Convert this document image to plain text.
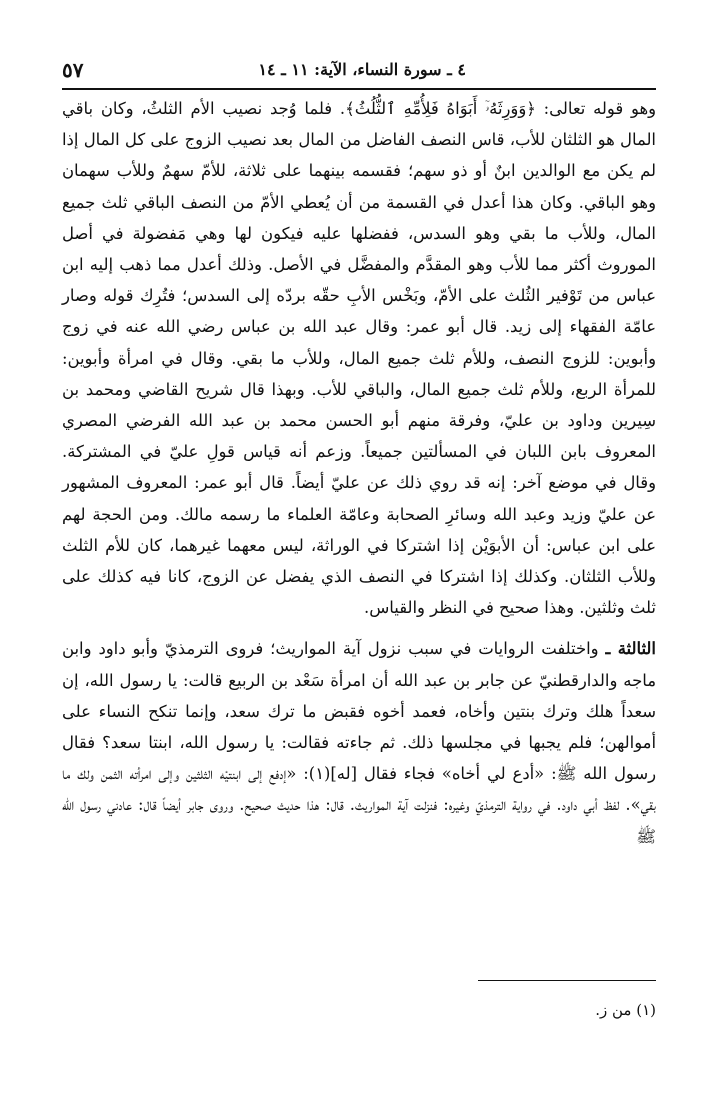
٤ ـ سورة النساء، الآية: ١١ ـ ١٤
٥٧

وهو قوله تعالى: ﴿وَوَرِثَهُۥٓ أَبَوَاهُ فَلِأُمِّهِ ٱلثُّلُثُ﴾. فلما وُجد نصيب الأم الثلثُ، وكان باقي المال هو الثلثان للأب، قاس النصف الفاضل من المال بعد نصيب الزوج على كل المال إذا لم يكن مع الوالدين ابنٌ أو ذو سهم؛ فقسمه بينهما على ثلاثة، للأمّ سهمٌ وللأب سهمان وهو الباقي. وكان هذا أعدل في القسمة من أن يُعطي الأمّ من النصف الباقي ثلث جميع المال، وللأب ما بقي وهو السدس، ففضلها عليه فيكون لها وهي مَفضولة في أصل الموروث أكثر مما للأب وهو المقدَّم والمفضَّل في الأصل. وذلك أعدل مما ذهب إليه ابن عباس من تَوْفير الثُلث على الأمّ، وبَخْس الأبِ حقّه بردّه إلى السدس؛ فتُرِك قوله وصار عامّة الفقهاء إلى زيد. قال أبو عمر: وقال عبد الله بن عباس رضي الله عنه في زوج وأبوين: للزوج النصف، وللأم ثلث جميع المال، وللأب ما بقي. وقال في امرأة وأبوين: للمرأة الربع، وللأم ثلث جميع المال، والباقي للأب. وبهذا قال شريح القاضي ومحمد بن سِيرين وداود بن عليّ، وفرقة منهم أبو الحسن محمد بن عبد الله الفرضي المصري المعروف بابن اللبان في المسألتين جميعاً. وزعم أنه قياس قولِ عليّ في المشتركة. وقال في موضع آخر: إنه قد روي ذلك عن عليّ أيضاً. قال أبو عمر: المعروف المشهور عن عليّ وزيد وعبد الله وسائرِ الصحابة وعامّة العلماء ما رسمه مالك. ومن الحجة لهم على ابن عباس: أن الأبوَيْن إذا اشتركا في الوراثة، ليس معهما غيرهما، كان للأم الثلث وللأب الثلثان. وكذلك إذا اشتركا في النصف الذي يفضل عن الزوج، كانا فيه كذلك على ثلث وثلثين. وهذا صحيح في النظر والقياس.

الثالثة ـ واختلفت الروايات في سبب نزول آية المواريث؛ فروى الترمذيّ وأبو داود وابن ماجه والدارقطنيّ عن جابر بن عبد الله أن امرأة سَعْد بن الربيع قالت: يا رسول الله، إن سعداً هلك وترك بنتين وأخاه، فعمد أخوه فقبض ما ترك سعد، وإنما تنكح النساء على أموالهن؛ فلم يجبها في مجلسها ذلك. ثم جاءته فقالت: يا رسول الله، ابنتا سعد؟ فقال رسول الله ﷺ: «أدع لي أخاه» فجاء فقال [له](١): «إدفع إلى ابنتيْه الثلثين وإلى امرأته الثمن ولك ما بقي». لفظ أبي داود. في رواية الترمذيّ وغيره: فنزلت آية المواريث. قال: هذا حديث صحيح. وروى جابر أيضاً قال: عادني رسول الله ﷺ

(١) من ز.
